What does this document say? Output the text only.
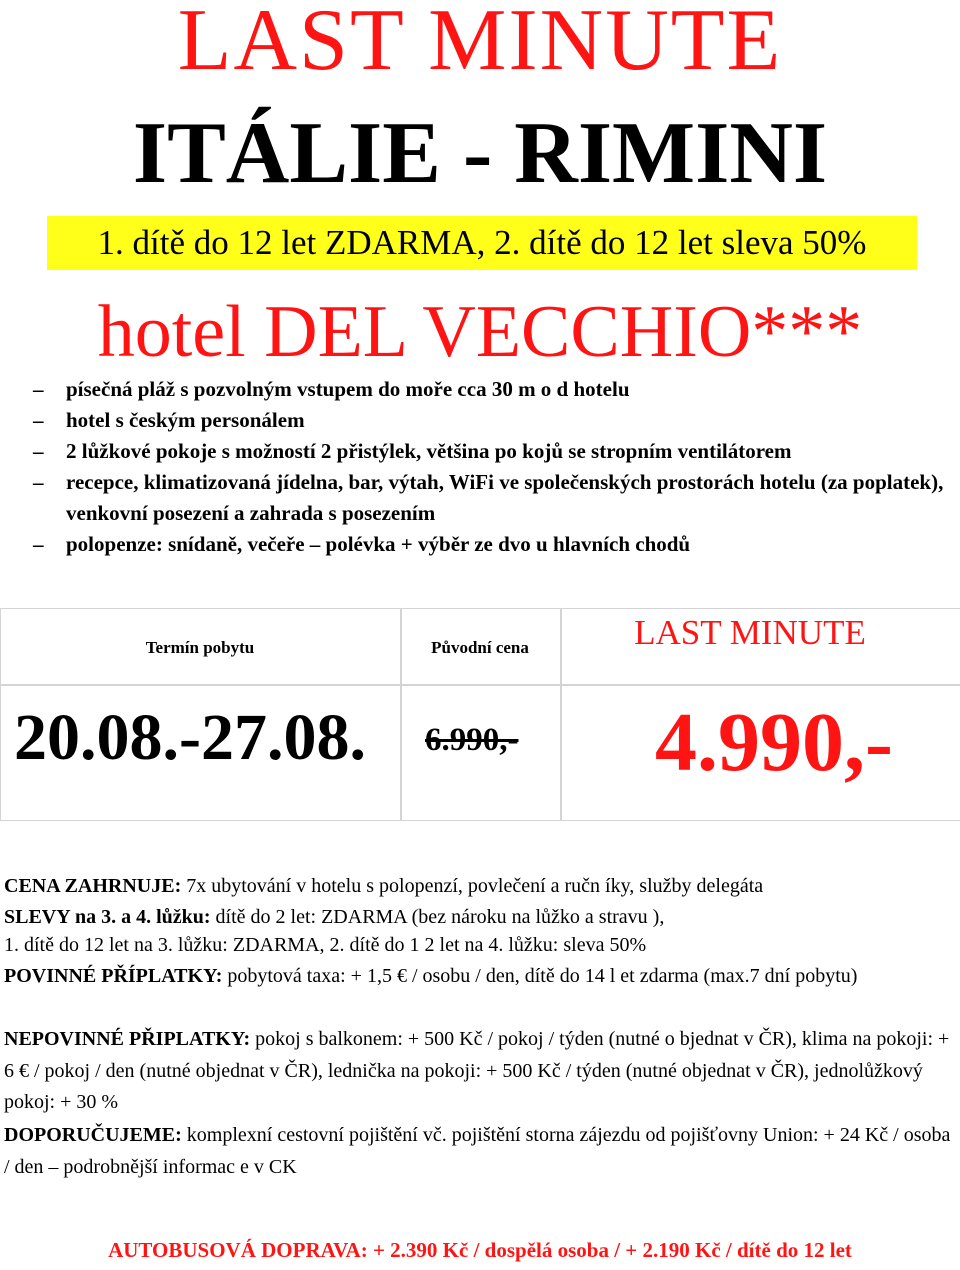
LAST MINUTE
ITÁLIE - RIMINI
1. dítě do 12 let ZDARMA, 2. dítě do 12 let sleva 50%
hotel DEL VECCHIO***
–	písečná pláž s pozvolným vstupem do moře cca 30 m o d hotelu
–	hotel s českým personálem
–	2 lůžkové pokoje s možností 2 přistýlek, většina po kojů se stropním ventilátorem
–	recepce, klimatizovaná jídelna, bar, výtah, WiFi ve společenských prostorách hotelu (za poplatek), venkovní posezení a zahrada s posezením
–	polopenze: snídaně, večeře – polévka + výběr ze dvo u hlavních chodů
Termín pobytu	Původní cena	LAST MINUTE
20.08.-27.08. 6.990,- 4.990,-
CENA ZAHRNUJE: 7x ubytování v hotelu s polopenzí, povlečení a ručn íky, služby delegáta
SLEVY na 3. a 4. lůžku: dítě do 2 let: ZDARMA (bez nároku na lůžko a stravu ),
1. dítě do 12 let na 3. lůžku: ZDARMA, 2. dítě do 1 2 let na 4. lůžku: sleva 50%
POVINNÉ PŘÍPLATKY: pobytová taxa: + 1,5 € / osobu / den, dítě do 14 l et zdarma (max.7 dní pobytu)
NEPOVINNÉ PŘIPLATKY: pokoj s balkonem: + 500 Kč / pokoj / týden (nutné o bjednat v ČR), klima na pokoji: + 6 € / pokoj / den (nutné objednat v ČR), lednička na pokoji: + 500 Kč / týden (nutné objednat v ČR), jednolůžkový pokoj: + 30 %
DOPORUČUJEME: komplexní cestovní pojištění vč. pojištění storna zájezdu od pojišťovny Union: + 24 Kč / osoba / den – podrobnější informac e v CK
AUTOBUSOVÁ DOPRAVA: + 2.390 Kč / dospělá osoba / + 2.190 Kč / dítě do 12 let
